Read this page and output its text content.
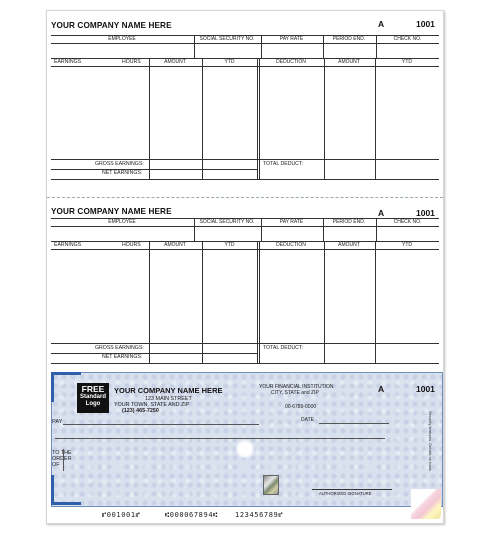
YOUR COMPANY NAME HERE	A	1001
EMPLOYEE	SOCIAL SECURITY NO.	PAY RATE	PERIOD END.	CHECK NO.
EARNINGS	HOURS	AMOUNT	YTD	DEDUCTION	AMOUNT	YTD
GROSS EARNINGS:	TOTAL DEDUCT:
NET EARNINGS:
YOUR COMPANY NAME HERE	A	1001
EMPLOYEE	SOCIAL SECURITY NO.	PAY RATE	PERIOD END.	CHECK NO.
EARNINGS	HOURS	AMOUNT	YTD	DEDUCTION	AMOUNT	YTD
GROSS EARNINGS:	TOTAL DEDUCT:
NET EARNINGS:
FREE
Standard
Logo
YOUR COMPANY NAME HERE
123 MAIN STREET
YOUR TOWN, STATE AND ZIP
(123) 465-7250
YOUR FINANCIAL INSTITUTION
CITY, STATE and ZIP
00-6789-0000
A	1001
DATE
PAY
TO THE
ORDER
OF
AUTHORIZED SIGNATURE
Security features. Details on back.
⑈001001⑈	⑆000067894⑆ 123456789⑈
